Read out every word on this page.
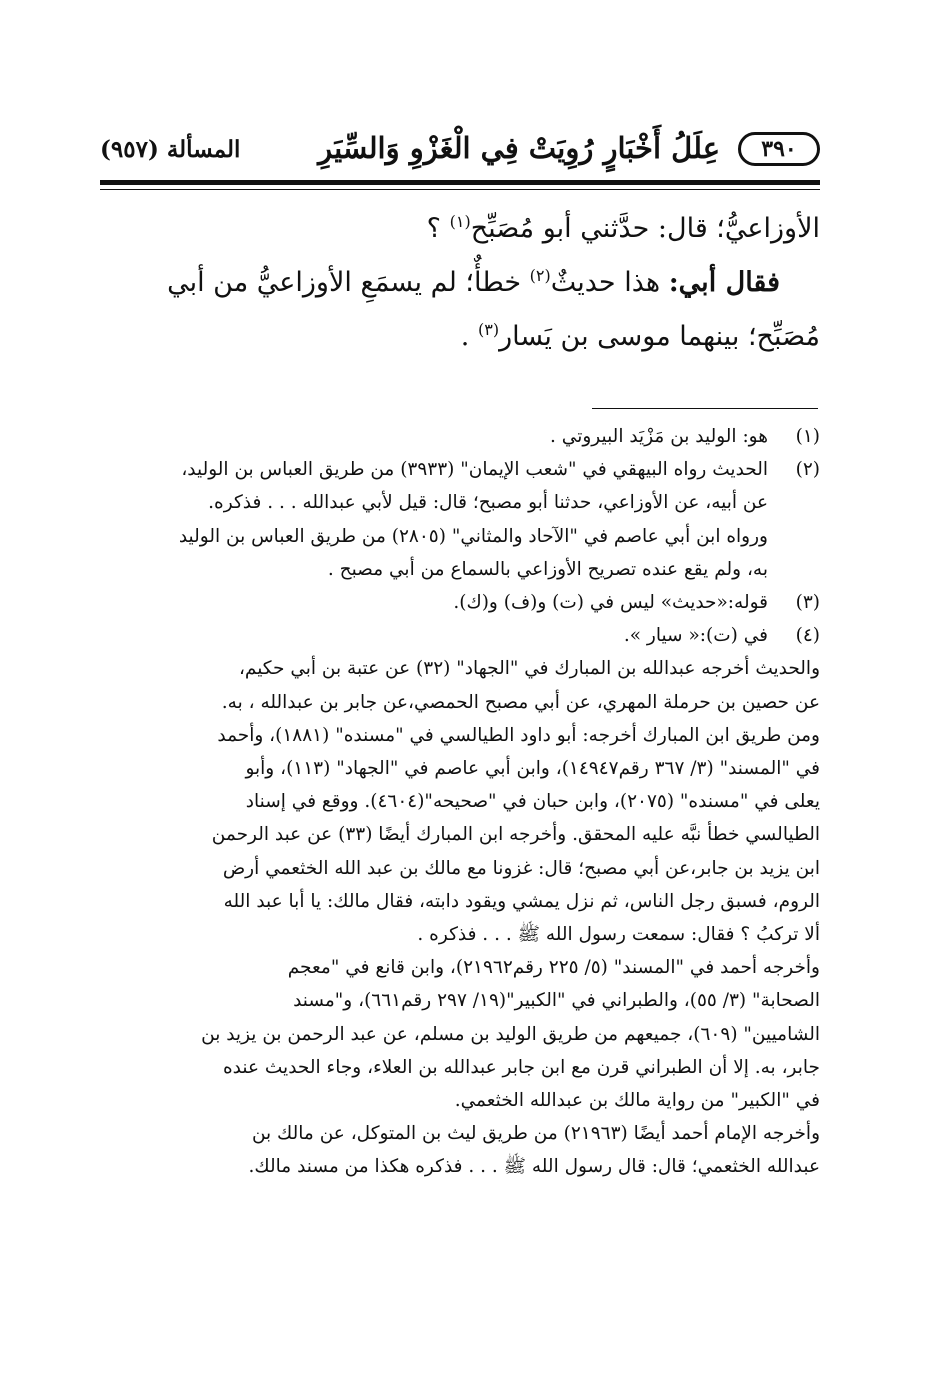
٣٩٠
عِلَلُ أَخْبَارٍ رُوِيَتْ فِي الْغَزْوِ وَالسِّيَرِ
المسألة (٩٥٧)

الأوزاعيُّ؛ قال: حدَّثني أبو مُصَبِّح$^{(١)}$ ؟

فقال أبي: هذا حديثٌ$^{(٢)}$ خطأٌ؛ لم يسمَعِ الأوزاعيُّ من أبي

مُصَبِّح؛ بينهما موسى بن يَسار$^{(٣)}$ .

(١)
هو: الوليد بن مَزْيَد البيروتي .
(٢)
الحديث رواه البيهقي في "شعب الإيمان" (٣٩٣٣) من طريق العباس بن الوليد،
عن أبيه، عن الأوزاعي، حدثنا أبو مصبح؛ قال: قيل لأبي عبدالله . . . فذكره.
ورواه ابن أبي عاصم في "الآحاد والمثاني" (٢٨٠٥) من طريق العباس بن الوليد
به، ولم يقع عنده تصريح الأوزاعي بالسماع من أبي مصبح .
(٣)
قوله:«حديث» ليس في (ت) و(ف) و(ك).
(٤)
في (ت):« سيار ».
والحديث أخرجه عبدالله بن المبارك في "الجهاد" (٣٢) عن عتبة بن أبي حكيم،
عن حصين بن حرملة المهري، عن أبي مصبح الحمصي،عن جابر بن عبدالله ، به.
ومن طريق ابن المبارك أخرجه: أبو داود الطيالسي في "مسنده" (١٨٨١)، وأحمد
في "المسند" (٣/ ٣٦٧ رقم١٤٩٤٧)، وابن أبي عاصم في "الجهاد" (١١٣)، وأبو
يعلى في "مسنده" (٢٠٧٥)، وابن حبان في "صحيحه"(٤٦٠٤). ووقع في إسناد
الطيالسي خطأ نبَّه عليه المحقق. وأخرجه ابن المبارك أيضًا (٣٣) عن عبد الرحمن
ابن يزيد بن جابر،عن أبي مصبح؛ قال: غزونا مع مالك بن عبد الله الخثعمي أرض
الروم، فسبق رجل الناس، ثم نزل يمشي ويقود دابته، فقال مالك: يا أبا عبد الله
ألا تركبُ ؟ فقال: سمعت رسول الله ﷺ . . . فذكره .
وأخرجه أحمد في "المسند" (٥/ ٢٢٥ رقم٢١٩٦٢)، وابن قانع في "معجم
الصحابة" (٣/ ٥٥)، والطبراني في "الكبير"(١٩/ ٢٩٧ رقم٦٦١)، و"مسند
الشاميين" (٦٠٩)، جميعهم من طريق الوليد بن مسلم، عن عبد الرحمن بن يزيد بن
جابر، به. إلا أن الطبراني قرن مع ابن جابر عبدالله بن العلاء، وجاء الحديث عنده
في "الكبير" من رواية مالك بن عبدالله الخثعمي.
وأخرجه الإمام أحمد أيضًا (٢١٩٦٣) من طريق ليث بن المتوكل، عن مالك بن
عبدالله الخثعمي؛ قال: قال رسول الله ﷺ . . . فذكره هكذا من مسند مالك.
